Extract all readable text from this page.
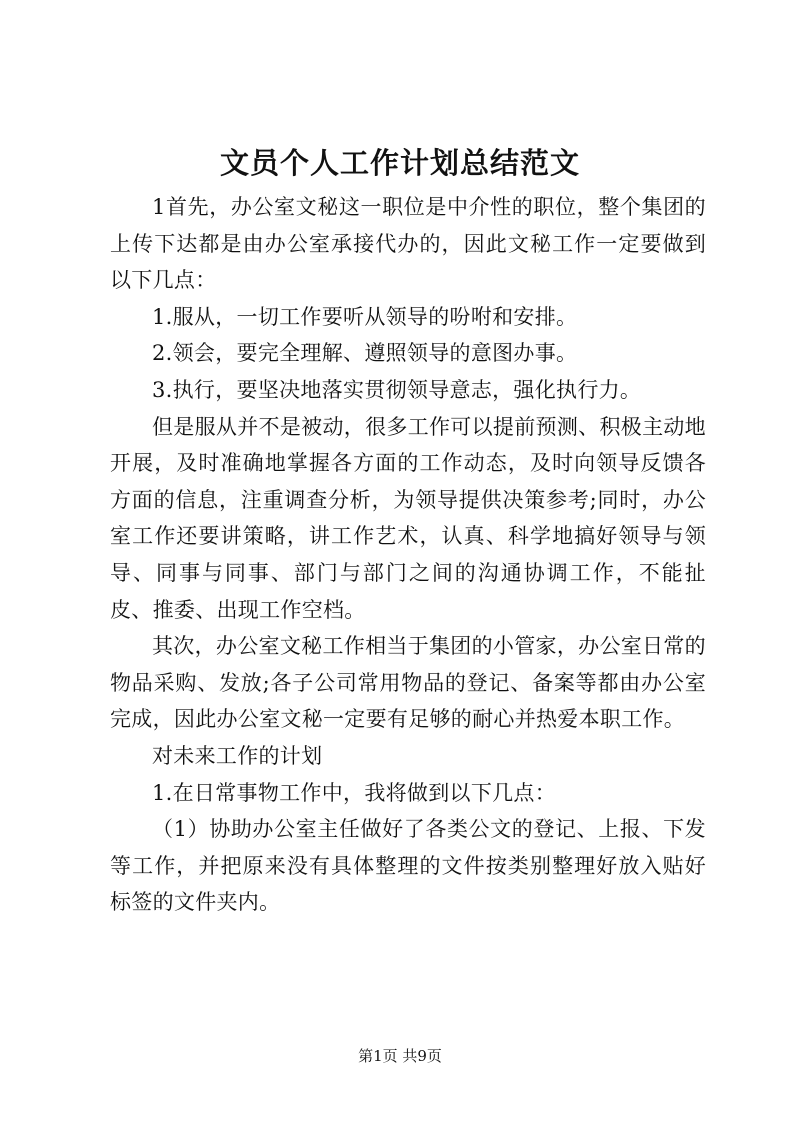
文员个人工作计划总结范文

1首先，办公室文秘这一职位是中介性的职位，整个集团的上传下达都是由办公室承接代办的，因此文秘工作一定要做到以下几点：

1.服从，一切工作要听从领导的吩咐和安排。

2.领会，要完全理解、遵照领导的意图办事。

3.执行，要坚决地落实贯彻领导意志，强化执行力。

但是服从并不是被动，很多工作可以提前预测、积极主动地开展，及时准确地掌握各方面的工作动态，及时向领导反馈各方面的信息，注重调查分析，为领导提供决策参考;同时，办公室工作还要讲策略，讲工作艺术，认真、科学地搞好领导与领导、同事与同事、部门与部门之间的沟通协调工作，不能扯皮、推委、出现工作空档。

其次，办公室文秘工作相当于集团的小管家，办公室日常的物品采购、发放;各子公司常用物品的登记、备案等都由办公室完成，因此办公室文秘一定要有足够的耐心并热爱本职工作。

对未来工作的计划

1.在日常事物工作中，我将做到以下几点：

（1）协助办公室主任做好了各类公文的登记、上报、下发等工作，并把原来没有具体整理的文件按类别整理好放入贴好标签的文件夹内。

第1页 共9页
